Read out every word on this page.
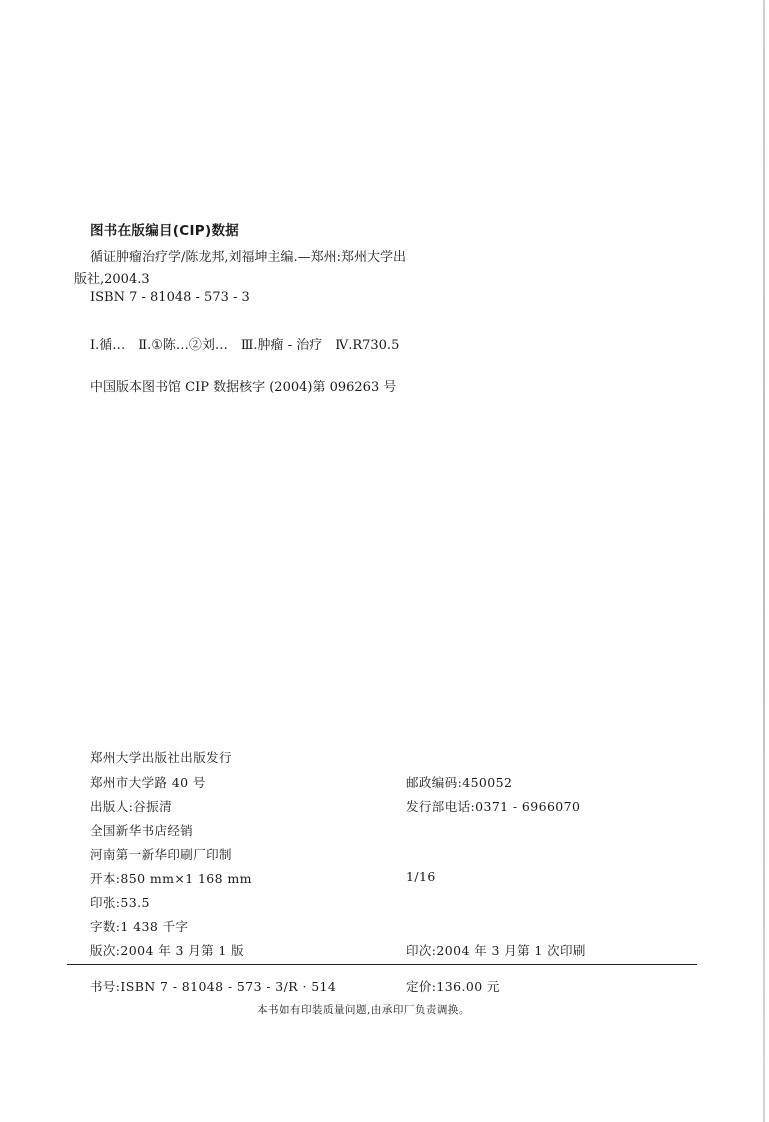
图书在版编目(CIP)数据
循证肿瘤治疗学/陈龙邦,刘福坤主编.—郑州:郑州大学出
版社,2004.3
ISBN 7 - 81048 - 573 - 3
Ⅰ.循…　Ⅱ.①陈…②刘…　Ⅲ.肿瘤 - 治疗　Ⅳ.R730.5
中国版本图书馆 CIP 数据核字 (2004)第 096263 号
郑州大学出版社出版发行
郑州市大学路 40 号	邮政编码:450052
出版人:谷振清	发行部电话:0371 - 6966070
全国新华书店经销
河南第一新华印刷厂印制
开本:850 mm×1 168 mm	1/16
印张:53.5
字数:1 438 千字
版次:2004 年 3 月第 1 版	印次:2004 年 3 月第 1 次印刷
书号:ISBN 7 - 81048 - 573 - 3/R · 514	定价:136.00 元
本书如有印装质量问题,由承印厂负责调换。
